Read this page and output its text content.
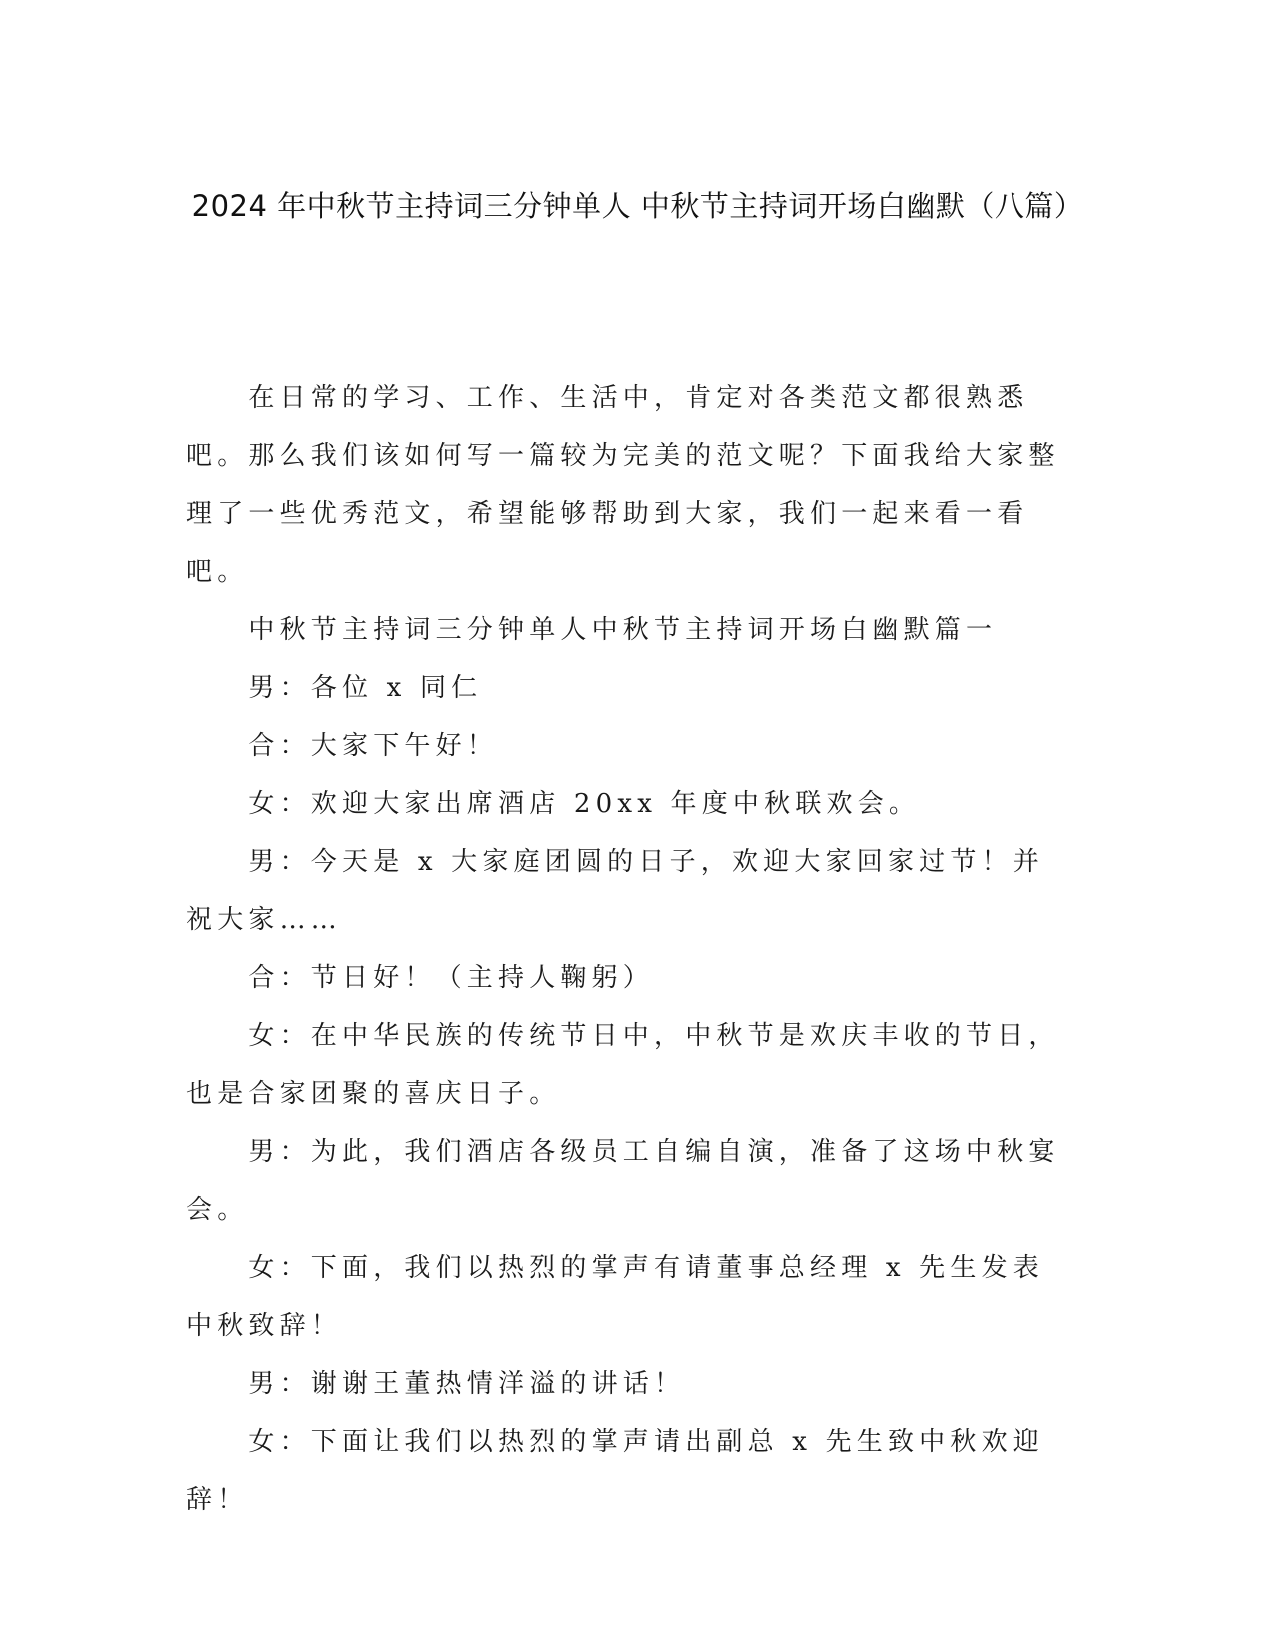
2024 年中秋节主持词三分钟单人 中秋节主持词开场白幽默（八篇）

在日常的学习、工作、生活中，肯定对各类范文都很熟悉吧。那么我们该如何写一篇较为完美的范文呢？下面我给大家整理了一些优秀范文，希望能够帮助到大家，我们一起来看一看吧。

中秋节主持词三分钟单人中秋节主持词开场白幽默篇一

男：各位 x 同仁

合：大家下午好！

女：欢迎大家出席酒店 20xx 年度中秋联欢会。

男：今天是 x 大家庭团圆的日子，欢迎大家回家过节！并祝大家……

合：节日好！（主持人鞠躬）

女：在中华民族的传统节日中，中秋节是欢庆丰收的节日，也是合家团聚的喜庆日子。

男：为此，我们酒店各级员工自编自演，准备了这场中秋宴会。

女：下面，我们以热烈的掌声有请董事总经理 x 先生发表中秋致辞！

男：谢谢王董热情洋溢的讲话！

女：下面让我们以热烈的掌声请出副总 x 先生致中秋欢迎辞！
